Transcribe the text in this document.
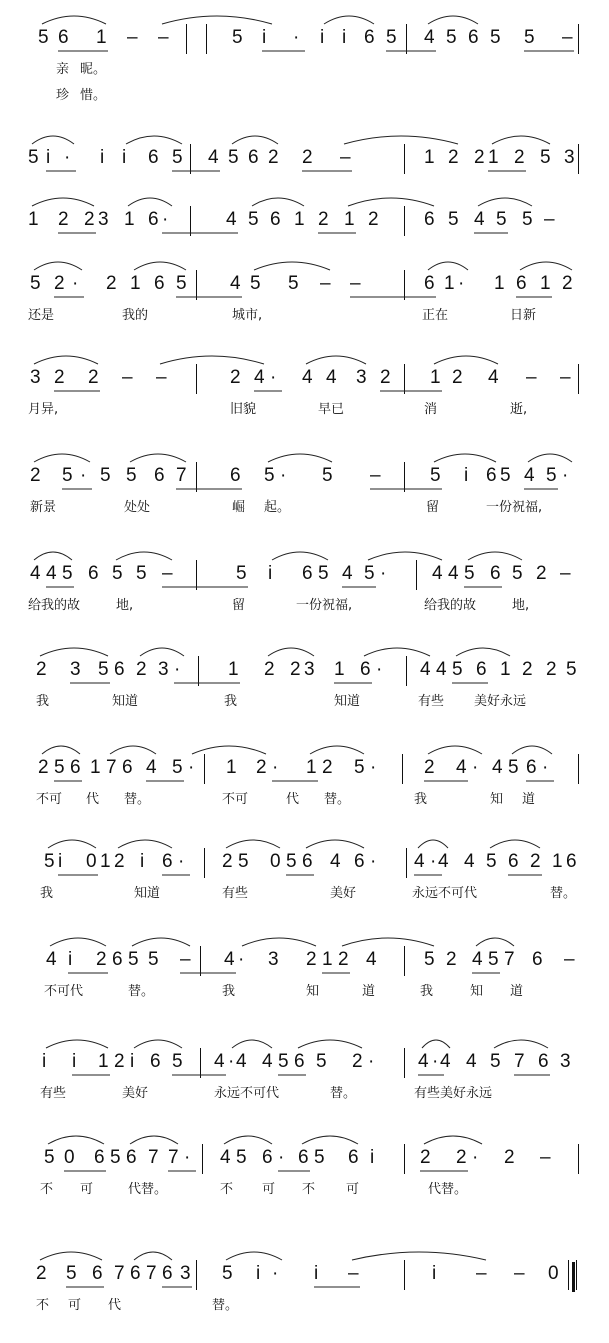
5 6 1 – –	5 i · i i 6 5 4 5 6 5 5 –
亲 昵。
珍 惜。
5 i · i i 6 5 4 5 6 2 2 –	1 2 2 1 2 5 3
1 2 2 3 1 6 ·	4 5 6 1 2 1 2 6 5 4 5 5 –
5 2 · 2 1 6 5 4 5 5 – –	6 1 · 1 6 1 2
还是	我的	城市,	正在	日新
3 2 2 – –	2 4 · 4 4 3 2 1 2 4 – –
月异,	旧貌	早已	消	逝,
2 5 · 5 5 6 7 6 5 · 5 –	5 i 6 5 4 5 ·
新景	处处	崛 起。	留	一份祝福,
4 4 5 6 5 5 –	5 i 6 5 4 5 · 4 4 5 6 5 2 –
给我的故	地,	留	一份祝福,	给我的故	地,
2 3 5 6 2 3 ·	1 2 2 3 1 6 · 4 4 5 6 1 2 2 5
我	知道	我	知道	有些 美好永远
2 5 6 1 7 6 4 5 · 1 2 · 1 2 5 ·	2 4 · 4 5 6 ·
不可 代 替。	不可	代 替。	我	知 道
5 i 0 1 2 i 6 · 2 5 0 5 6 4 6 · 4 · 4 4 5 6 2 1 6
我	知道	有些	美好	永远不可代	替。
4 i 2 6 5 5 – 4 · 3 2 1 2 4 5 2 4 5 7 6 –
不可代	替。	我	知	道	我	知 道
i i 1 2 i 6 5 4 · 4 4 5 6 5 2 · 4 · 4 4 5 7 6 3
有些	美好	永远不可代	替。	有些美好永远
5 0 6 5 6 7 7 · 4 5 6 · 6 5 6 i 2 2 · 2 –
不 可	代替。	不 可 不 可	代替。
2 5 6 7 6 7 6 3 5 i · i –	i – – 0
不 可 代	替。
